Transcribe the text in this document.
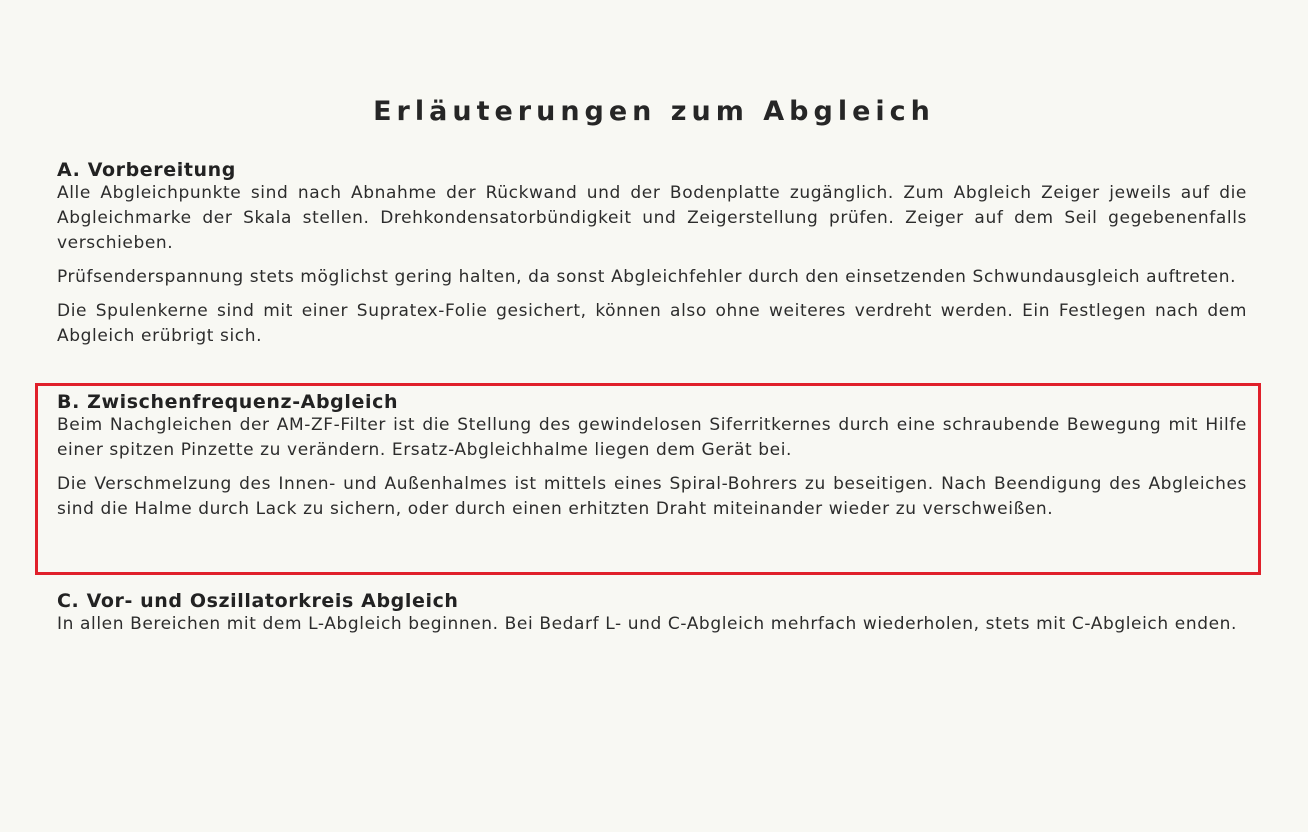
Erläuterungen zum Abgleich
A. Vorbereitung
Alle Abgleichpunkte sind nach Abnahme der Rückwand und der Bodenplatte zugänglich. Zum Abgleich Zeiger jeweils auf die Abgleichmarke der Skala stellen. Drehkondensatorbündigkeit und Zeigerstellung prüfen. Zeiger auf dem Seil gegebenenfalls verschieben.
Prüfsenderspannung stets möglichst gering halten, da sonst Abgleichfehler durch den einsetzenden Schwundausgleich auftreten.
Die Spulenkerne sind mit einer Supratex-Folie gesichert, können also ohne weiteres verdreht werden. Ein Festlegen nach dem Abgleich erübrigt sich.
B. Zwischenfrequenz-Abgleich
Beim Nachgleichen der AM-ZF-Filter ist die Stellung des gewindelosen Siferritkernes durch eine schraubende Bewegung mit Hilfe einer spitzen Pinzette zu verändern. Ersatz-Abgleichhalme liegen dem Gerät bei.
Die Verschmelzung des Innen- und Außenhalmes ist mittels eines Spiral-Bohrers zu beseitigen. Nach Beendigung des Abgleiches sind die Halme durch Lack zu sichern, oder durch einen erhitzten Draht miteinander wieder zu verschweißen.
C. Vor- und Oszillatorkreis Abgleich
In allen Bereichen mit dem L-Abgleich beginnen. Bei Bedarf L- und C-Abgleich mehrfach wiederholen, stets mit C-Abgleich enden.
